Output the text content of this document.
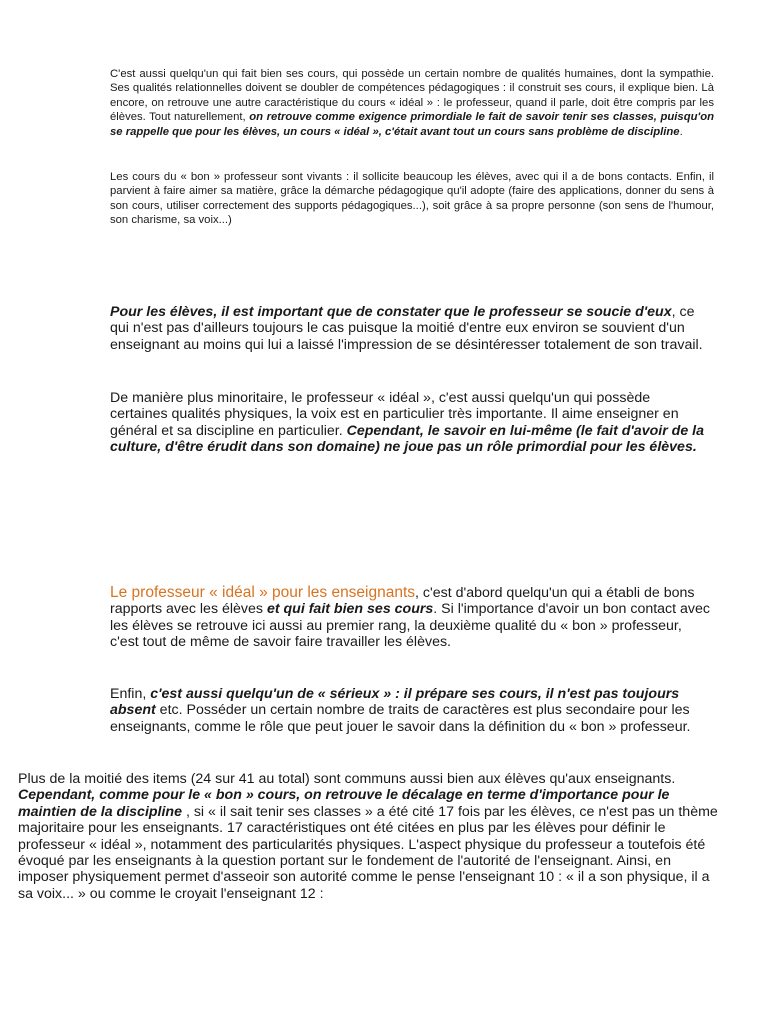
C'est aussi quelqu'un qui fait bien ses cours, qui possède un certain nombre de qualités humaines, dont la sympathie. Ses qualités relationnelles doivent se doubler de compétences pédagogiques : il construit ses cours, il explique bien. Là encore, on retrouve une autre caractéristique du cours « idéal » : le professeur, quand il parle, doit être compris par les élèves. Tout naturellement, on retrouve comme exigence primordiale le fait de savoir tenir ses classes, puisqu'on se rappelle que pour les élèves, un cours « idéal », c'était avant tout un cours sans problème de discipline.

Les cours du « bon » professeur sont vivants : il sollicite beaucoup les élèves, avec qui il a de bons contacts. Enfin, il parvient à faire aimer sa matière, grâce la démarche pédagogique qu'il adopte (faire des applications, donner du sens à son cours, utiliser correctement des supports pédagogiques...), soit grâce à sa propre personne (son sens de l'humour, son charisme, sa voix...)

Pour les élèves, il est important que de constater que le professeur se soucie d'eux, ce qui n'est pas d'ailleurs toujours le cas puisque la moitié d'entre eux environ se souvient d'un enseignant au moins qui lui a laissé l'impression de se désintéresser totalement de son travail.

De manière plus minoritaire, le professeur « idéal », c'est aussi quelqu'un qui possède certaines qualités physiques, la voix est en particulier très importante. Il aime enseigner en général et sa discipline en particulier. Cependant, le savoir en lui-même (le fait d'avoir de la culture, d'être érudit dans son domaine) ne joue pas un rôle primordial pour les élèves.

Le professeur « idéal » pour les enseignants, c'est d'abord quelqu'un qui a établi de bons rapports avec les élèves et qui fait bien ses cours. Si l'importance d'avoir un bon contact avec les élèves se retrouve ici aussi au premier rang, la deuxième qualité du « bon » professeur, c'est tout de même de savoir faire travailler les élèves.

Enfin, c'est aussi quelqu'un de « sérieux » : il prépare ses cours, il n'est pas toujours absent etc. Posséder un certain nombre de traits de caractères est plus secondaire pour les enseignants, comme le rôle que peut jouer le savoir dans la définition du « bon » professeur.

Plus de la moitié des items (24 sur 41 au total) sont communs aussi bien aux élèves qu'aux enseignants. Cependant, comme pour le « bon » cours, on retrouve le décalage en terme d'importance pour le maintien de la discipline , si « il sait tenir ses classes » a été cité 17 fois par les élèves, ce n'est pas un thème majoritaire pour les enseignants. 17 caractéristiques ont été citées en plus par les élèves pour définir le professeur « idéal », notamment des particularités physiques. L'aspect physique du professeur a toutefois été évoqué par les enseignants à la question portant sur le fondement de l'autorité de l'enseignant. Ainsi, en imposer physiquement permet d'asseoir son autorité comme le pense l'enseignant 10 : « il a son physique, il a sa voix... » ou comme le croyait l'enseignant 12 :
